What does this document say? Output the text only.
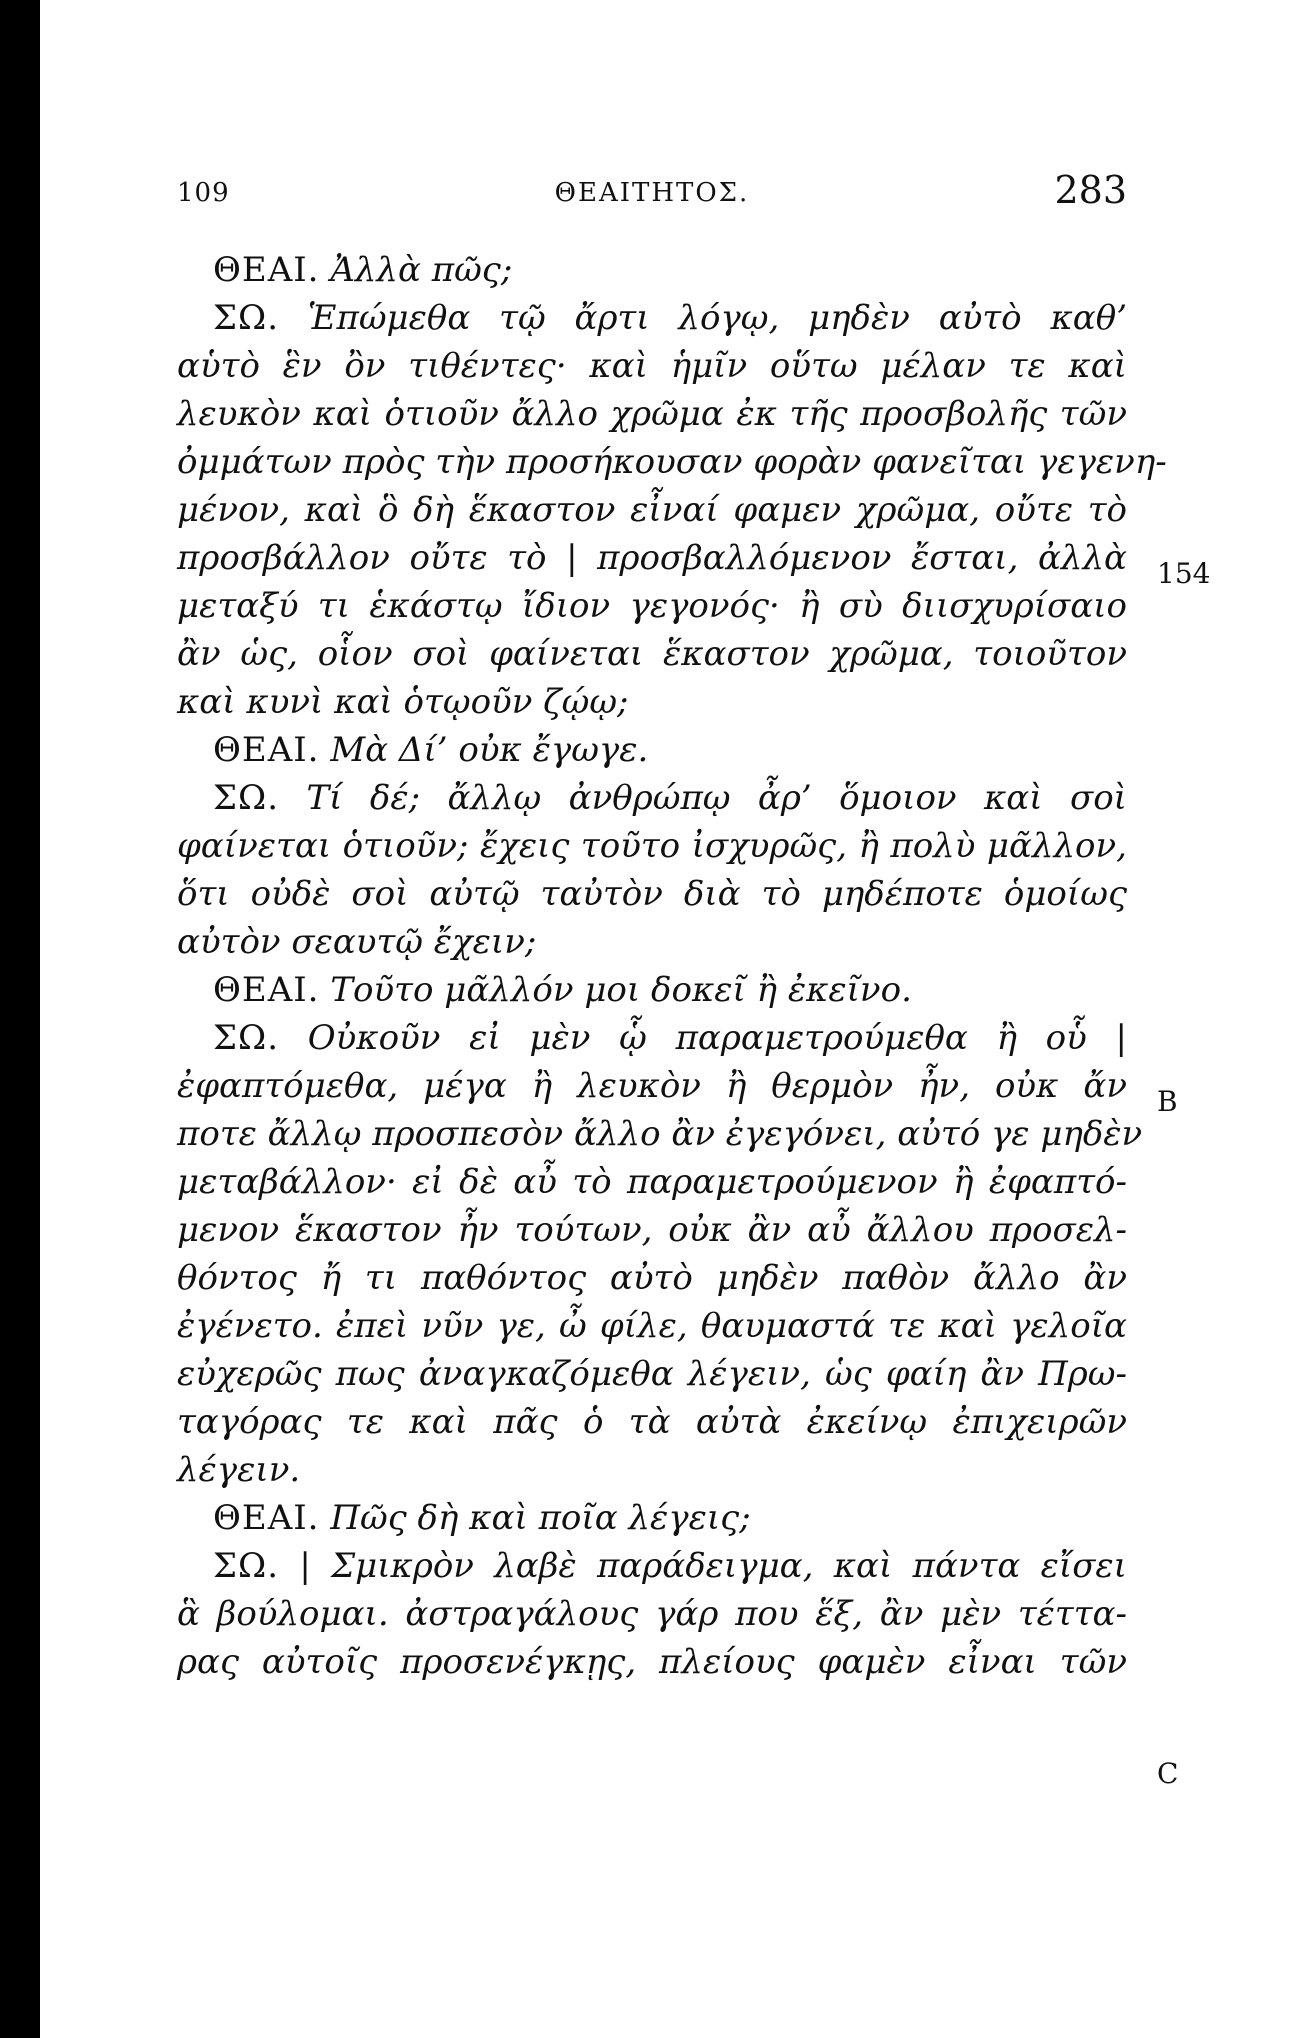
109	ΘΕΑΙΤΗΤΟΣ.	283
ΘΕΑΙ. Ἀλλὰ πῶς;
ΣΩ. Ἑπώμεθα τῷ ἄρτι λόγῳ, μηδὲν αὐτὸ καθ’
αὑτὸ ἓν ὂν τιθέντες· καὶ ἡμῖν οὕτω μέλαν τε καὶ
λευκὸν καὶ ὁτιοῦν ἄλλο χρῶμα ἐκ τῆς προσβολῆς τῶν
ὀμμάτων πρὸς τὴν προσήκουσαν φορὰν φανεῖται γεγενη-
μένον, καὶ ὃ δὴ ἕκαστον εἶναί φαμεν χρῶμα, οὔτε τὸ
προσβάλλον οὔτε τὸ | προσβαλλόμενον ἔσται, ἀλλὰ
μεταξύ τι ἑκάστῳ ἴδιον γεγονός· ἢ σὺ διισχυρίσαιο
ἂν ὡς, οἷον σοὶ φαίνεται ἕκαστον χρῶμα, τοιοῦτον
καὶ κυνὶ καὶ ὁτῳοῦν ζῴῳ;
ΘΕΑΙ. Μὰ Δί’ οὐκ ἔγωγε.
ΣΩ. Τί δέ; ἄλλῳ ἀνθρώπῳ ἆρ’ ὅμοιον καὶ σοὶ
φαίνεται ὁτιοῦν; ἔχεις τοῦτο ἰσχυρῶς, ἢ πολὺ μᾶλλον,
ὅτι οὐδὲ σοὶ αὐτῷ ταὐτὸν διὰ τὸ μηδέποτε ὁμοίως
αὐτὸν σεαυτῷ ἔχειν;
ΘΕΑΙ. Τοῦτο μᾶλλόν μοι δοκεῖ ἢ ἐκεῖνο.
ΣΩ. Οὐκοῦν εἰ μὲν ᾧ παραμετρούμεθα ἢ οὗ |
ἐφαπτόμεθα, μέγα ἢ λευκὸν ἢ θερμὸν ἦν, οὐκ ἄν
ποτε ἄλλῳ προσπεσὸν ἄλλο ἂν ἐγεγόνει, αὐτό γε μηδὲν
μεταβάλλον· εἰ δὲ αὖ τὸ παραμετρούμενον ἢ ἐφαπτό-
μενον ἕκαστον ἦν τούτων, οὐκ ἂν αὖ ἄλλου προσελ-
θόντος ἤ τι παθόντος αὐτὸ μηδὲν παθὸν ἄλλο ἂν
ἐγένετο. ἐπεὶ νῦν γε, ὦ φίλε, θαυμαστά τε καὶ γελοῖα
εὐχερῶς πως ἀναγκαζόμεθα λέγειν, ὡς φαίη ἂν Πρω-
ταγόρας τε καὶ πᾶς ὁ τὰ αὐτὰ ἐκείνῳ ἐπιχειρῶν
λέγειν.
ΘΕΑΙ. Πῶς δὴ καὶ ποῖα λέγεις;
ΣΩ. | Σμικρὸν λαβὲ παράδειγμα, καὶ πάντα εἴσει
ἃ βούλομαι. ἀστραγάλους γάρ που ἕξ, ἂν μὲν τέττα-
ρας αὐτοῖς προσενέγκῃς, πλείους φαμὲν εἶναι τῶν
154
B
C
